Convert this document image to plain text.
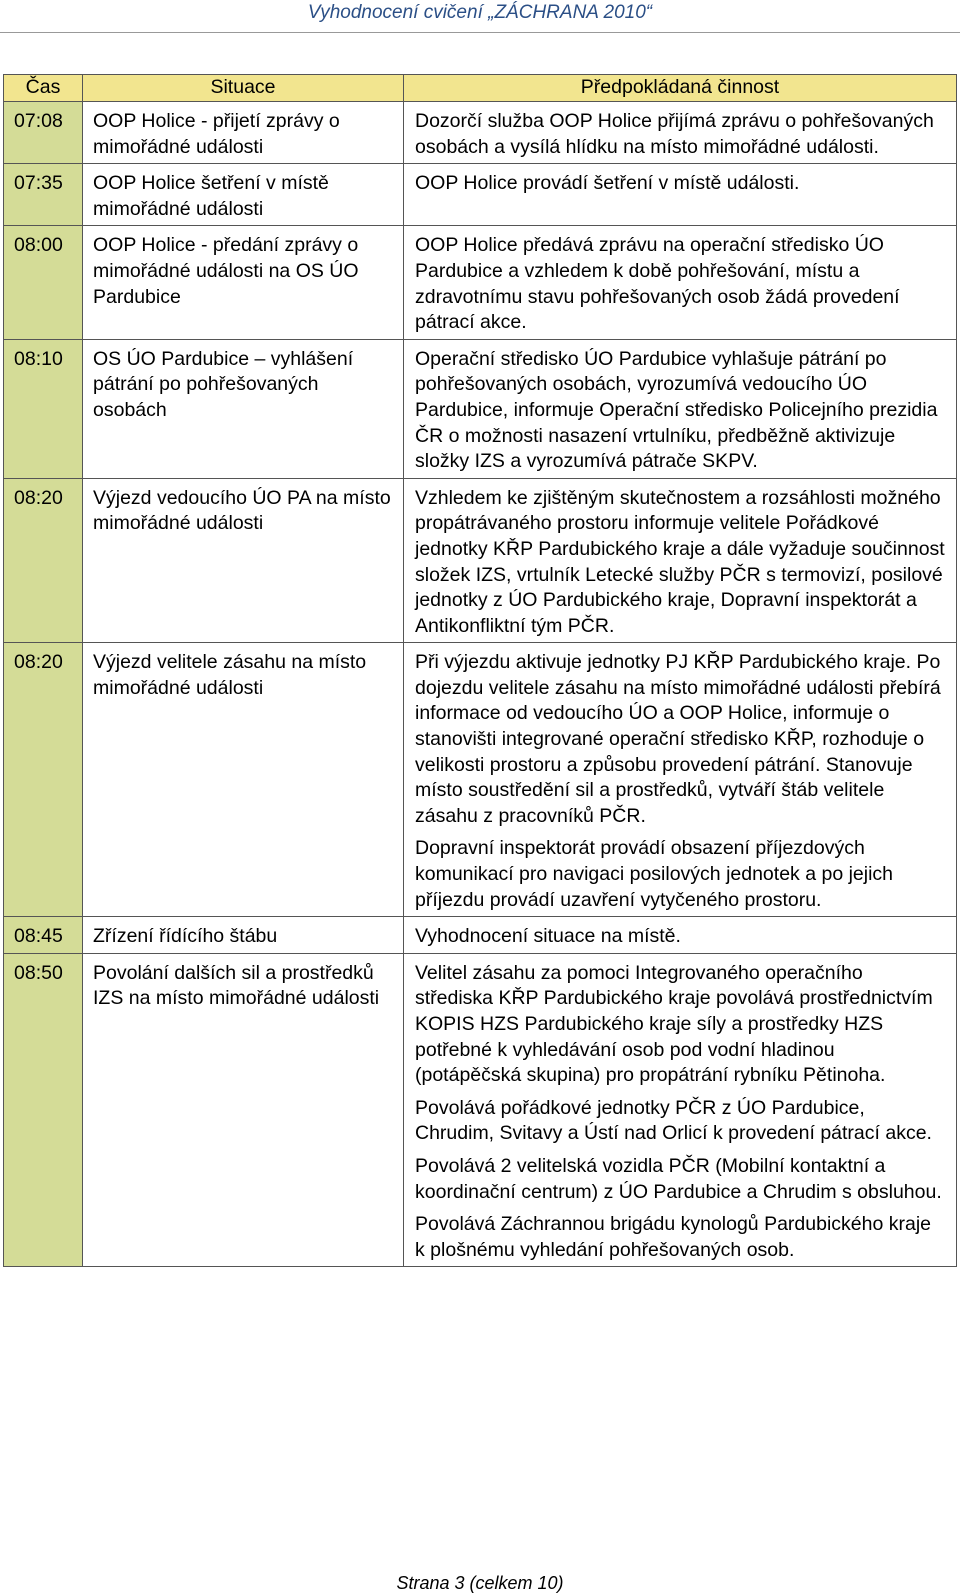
Vyhodnocení cvičení „ZÁCHRANA 2010“
Čas	Situace	Předpokládaná činnost
07:08	OOP Holice - přijetí zprávy o mimořádné události	Dozorčí služba OOP Holice přijímá zprávu o pohřešovaných osobách a vysílá hlídku na místo mimořádné události.

07:35	OOP Holice šetření v místě mimořádné události	OOP Holice provádí šetření v místě události.

08:00	OOP Holice - předání zprávy o mimořádné události na OS ÚO Pardubice	OOP Holice předává zprávu na operační středisko ÚO Pardubice a vzhledem k době pohřešování, místu a zdravotnímu stavu pohřešovaných osob žádá provedení pátrací akce.

08:10	OS ÚO Pardubice – vyhlášení pátrání po pohřešovaných osobách	Operační středisko ÚO Pardubice vyhlašuje pátrání po pohřešovaných osobách, vyrozumívá vedoucího ÚO Pardubice, informuje Operační středisko Policejního prezidia ČR o možnosti nasazení vrtulníku, předběžně aktivizuje složky IZS a vyrozumívá pátrače SKPV.

08:20	Výjezd vedoucího ÚO PA na místo mimořádné události	Vzhledem ke zjištěným skutečnostem a rozsáhlosti možného propátrávaného prostoru informuje velitele Pořádkové jednotky KŘP Pardubického kraje a dále vyžaduje součinnost složek IZS, vrtulník Letecké služby PČR s termovizí, posilové jednotky z ÚO Pardubického kraje, Dopravní inspektorát a Antikonfliktní tým PČR.

08:20	Výjezd velitele zásahu na místo mimořádné události	Při výjezdu aktivuje jednotky PJ KŘP Pardubického kraje. Po dojezdu velitele zásahu na místo mimořádné události přebírá informace od vedoucího ÚO a OOP Holice, informuje o stanovišti integrované operační středisko KŘP, rozhoduje o velikosti prostoru a způsobu provedení pátrání. Stanovuje místo soustředění sil a prostředků, vytváří štáb velitele zásahu z pracovníků PČR.
Dopravní inspektorát provádí obsazení příjezdových komunikací pro navigaci posilových jednotek a po jejich příjezdu provádí uzavření vytyčeného prostoru.

08:45	Zřízení řídícího štábu	Vyhodnocení situace na místě.

08:50	Povolání dalších sil a prostředků IZS na místo mimořádné události	Velitel zásahu za pomoci Integrovaného operačního střediska KŘP Pardubického kraje povolává prostřednictvím KOPIS HZS Pardubického kraje síly a prostředky HZS potřebné k vyhledávání osob pod vodní hladinou (potápěčská skupina) pro propátrání rybníku Pětinoha.
Povolává pořádkové jednotky PČR z ÚO Pardubice, Chrudim, Svitavy a Ústí nad Orlicí k provedení pátrací akce.
Povolává 2 velitelská vozidla PČR (Mobilní kontaktní a koordinační centrum) z ÚO Pardubice a Chrudim s obsluhou.
Povolává Záchrannou brigádu kynologů Pardubického kraje k plošnému vyhledání pohřešovaných osob.
Strana 3 (celkem 10)
